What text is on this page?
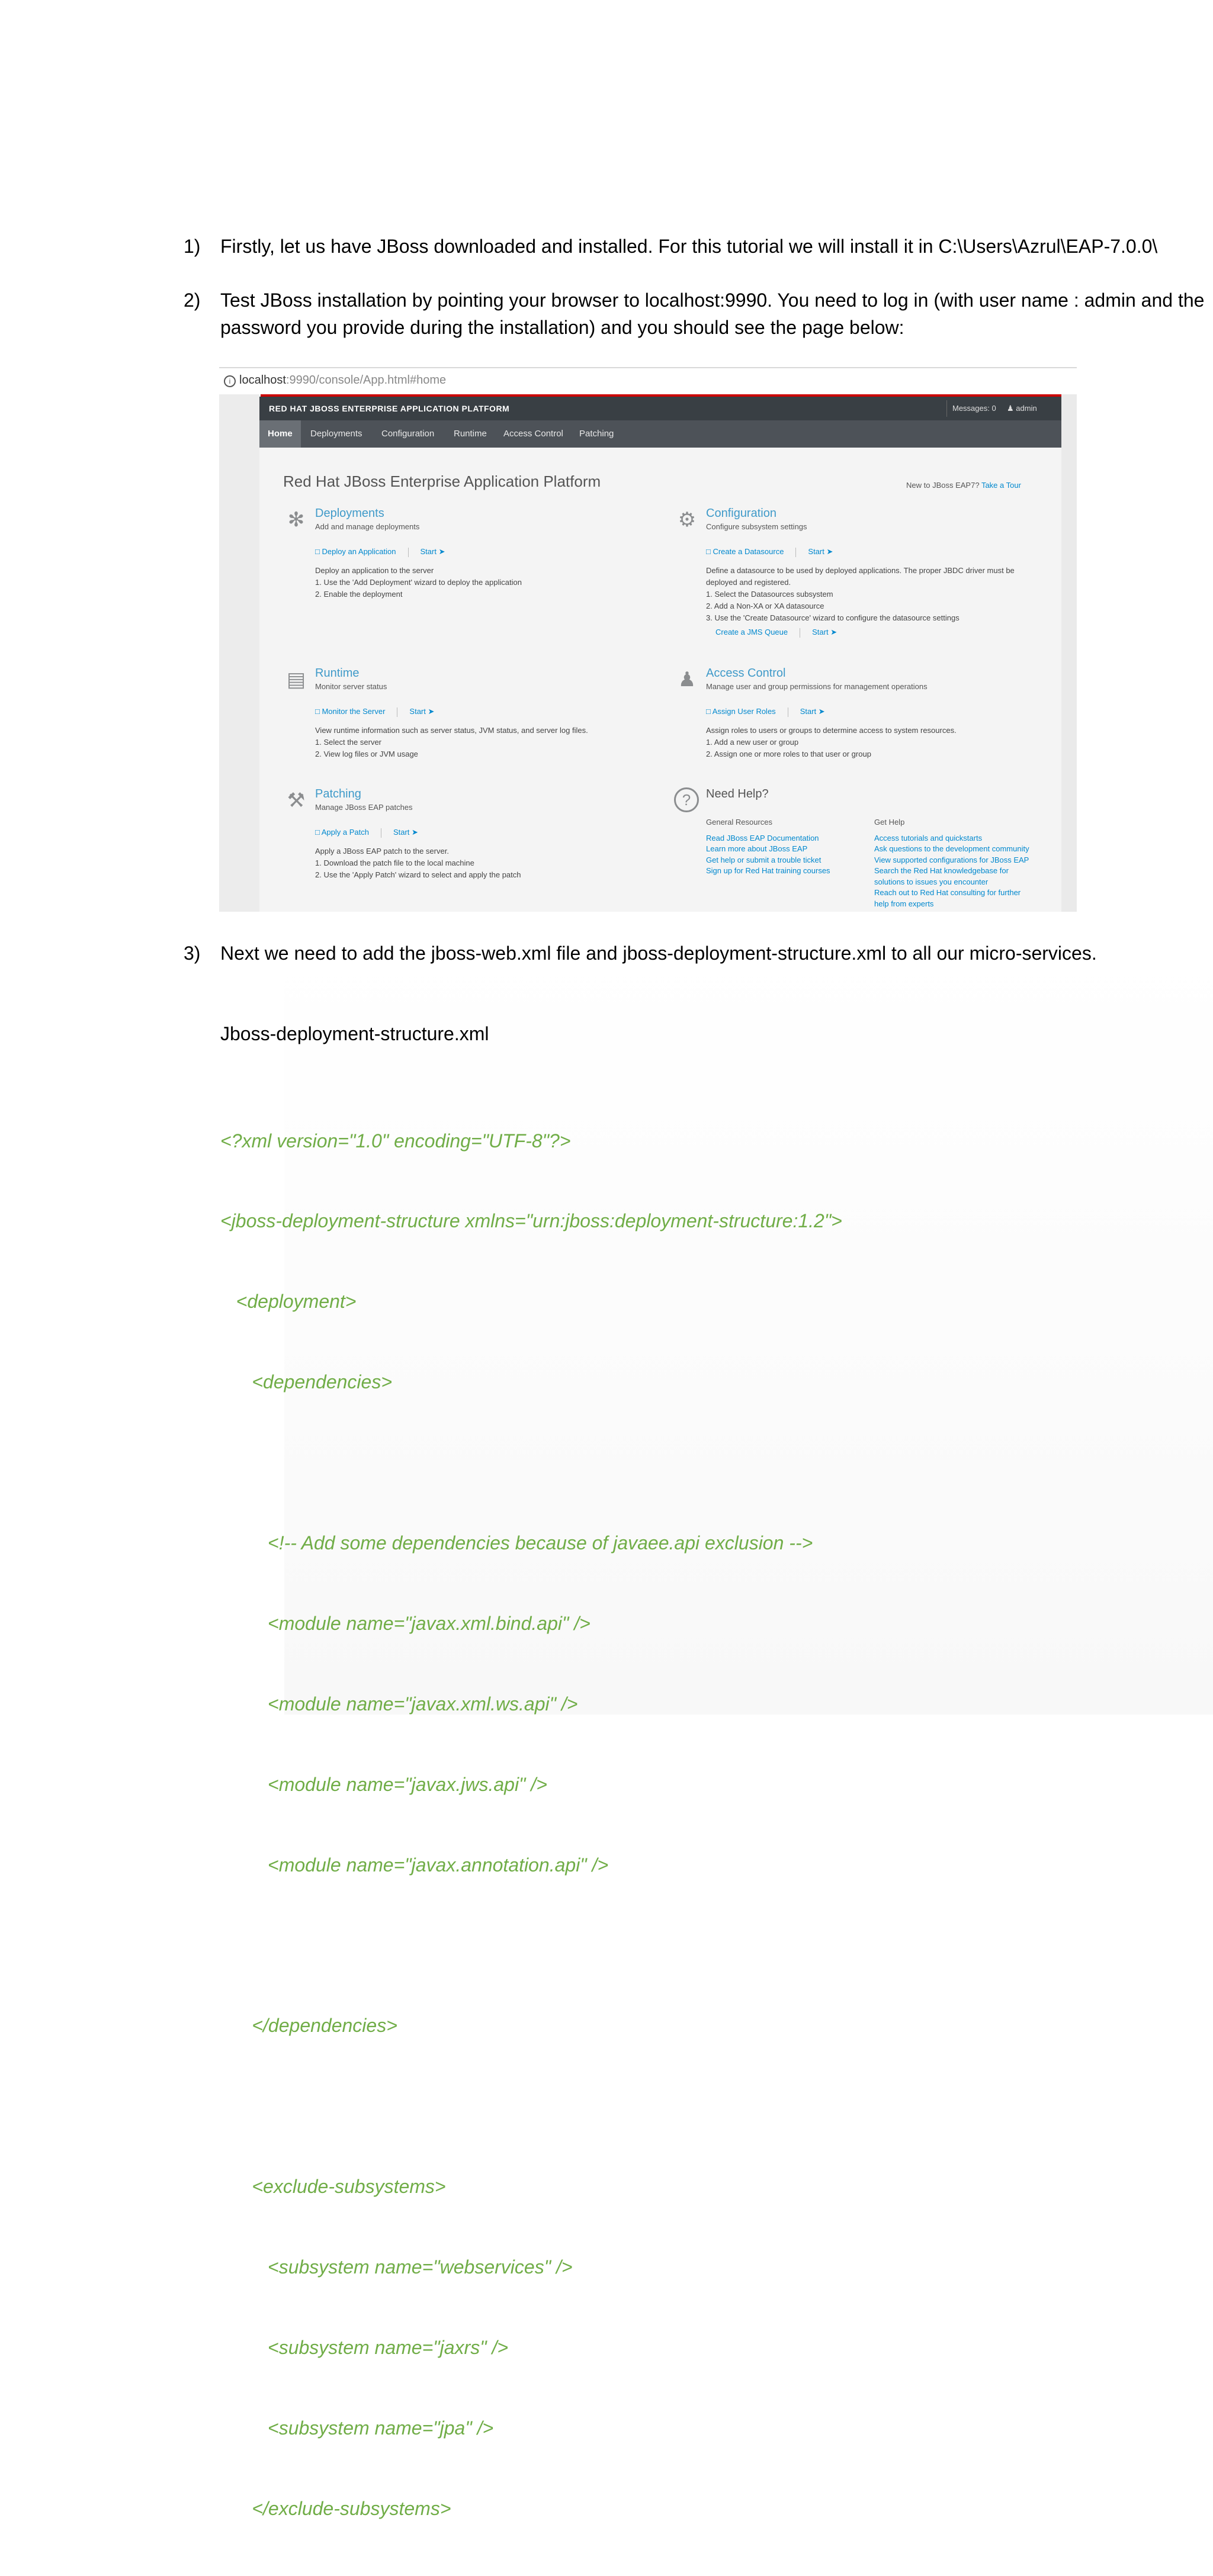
1)	Firstly, let us have JBoss downloaded and installed. For this tutorial we will install it in C:\Users\Azrul\EAP-7.0.0\
2)	Test JBoss installation by pointing your browser to localhost:9990. You need to log in (with user name : admin and the password you provide during the installation) and you should see the page below:
i localhost:9990/console/App.html#home
RED HAT JBOSS ENTERPRISE APPLICATION PLATFORM	Messages: 0 ♟ admin
Home	Deployments Configuration Runtime Access Control Patching
Red Hat JBoss Enterprise Application Platform	New to JBoss EAP7? Take a Tour
✻ Deployments
Add and manage deployments
□ Deploy an Application	Start ➤
Deploy an application to the server
1. Use the 'Add Deployment' wizard to deploy the application
2. Enable the deployment
⚙ Configuration
Configure subsystem settings
□ Create a Datasource	Start ➤
Define a datasource to be used by deployed applications. The proper JBDC driver must be
deployed and registered.
1. Select the Datasources subsystem
2. Add a Non-XA or XA datasource
3. Use the 'Create Datasource' wizard to configure the datasource settings
Create a JMS Queue	Start ➤
▤ Runtime
Monitor server status
□ Monitor the Server	Start ➤
View runtime information such as server status, JVM status, and server log files.
1. Select the server
2. View log files or JVM usage
♟ Access Control
Manage user and group permissions for management operations
□ Assign User Roles	Start ➤
Assign roles to users or groups to determine access to system resources.
1. Add a new user or group
2. Assign one or more roles to that user or group
⚒ Patching
Manage JBoss EAP patches
□ Apply a Patch	Start ➤
Apply a JBoss EAP patch to the server.
1. Download the patch file to the local machine
2. Use the 'Apply Patch' wizard to select and apply the patch
?	Need Help?
General Resources
Read JBoss EAP Documentation
Learn more about JBoss EAP
Get help or submit a trouble ticket
Sign up for Red Hat training courses
Get Help
Access tutorials and quickstarts
Ask questions to the development community
View supported configurations for JBoss EAP
Search the Red Hat knowledgebase for
solutions to issues you encounter
Reach out to Red Hat consulting for further
help from experts
3)	Next we need to add the jboss-web.xml file and jboss-deployment-structure.xml to all our micro-services.
Jboss-deployment-structure.xml

<?xml version="1.0" encoding="UTF-8"?>

<jboss-deployment-structure xmlns="urn:jboss:deployment-structure:1.2">

<deployment>

<dependencies>

<!-- Add some dependencies because of javaee.api exclusion -->

<module name="javax.xml.bind.api" />

<module name="javax.xml.ws.api" />

<module name="javax.jws.api" />

<module name="javax.annotation.api" />

</dependencies>

<exclude-subsystems>

<subsystem name="webservices" />

<subsystem name="jaxrs" />

<subsystem name="jpa" />

</exclude-subsystems>
